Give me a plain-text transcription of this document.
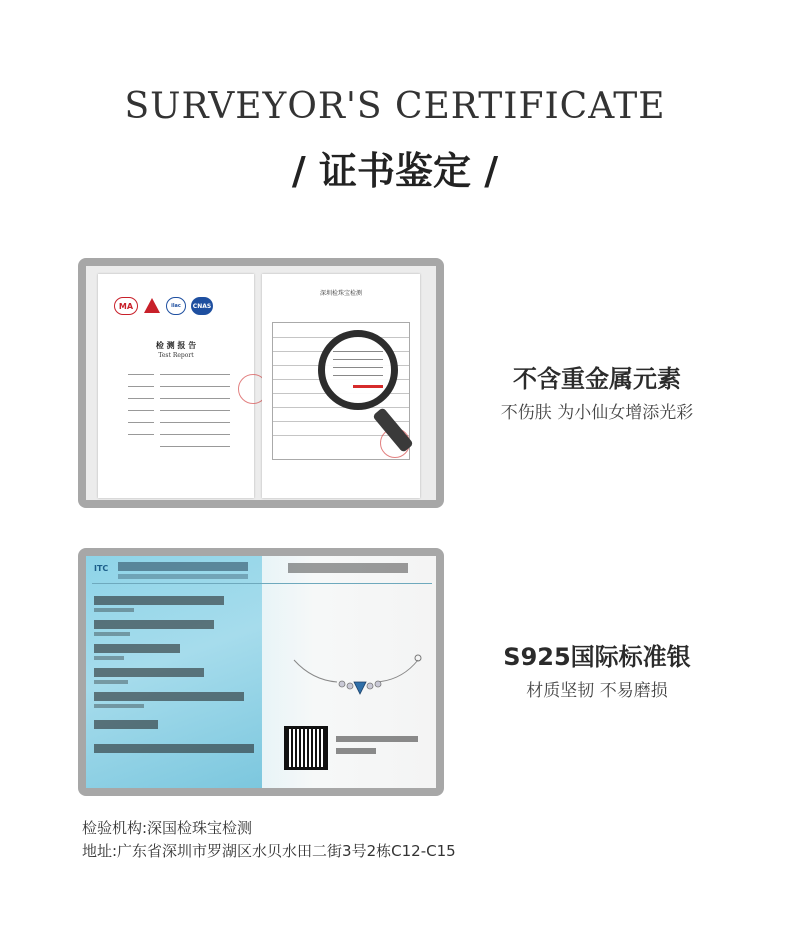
SURVEYOR'S CERTIFICATE
/ 证书鉴定 /
MA	ilac	CNAS
检 测 报 告
Test Report
深圳检珠宝检测
不含重金属元素
不伤肤 为小仙女增添光彩
ITC
S925国际标准银
材质坚韧 不易磨损
检验机构:深国检珠宝检测
地址:广东省深圳市罗湖区水贝水田二街3号2栋C12-C15
